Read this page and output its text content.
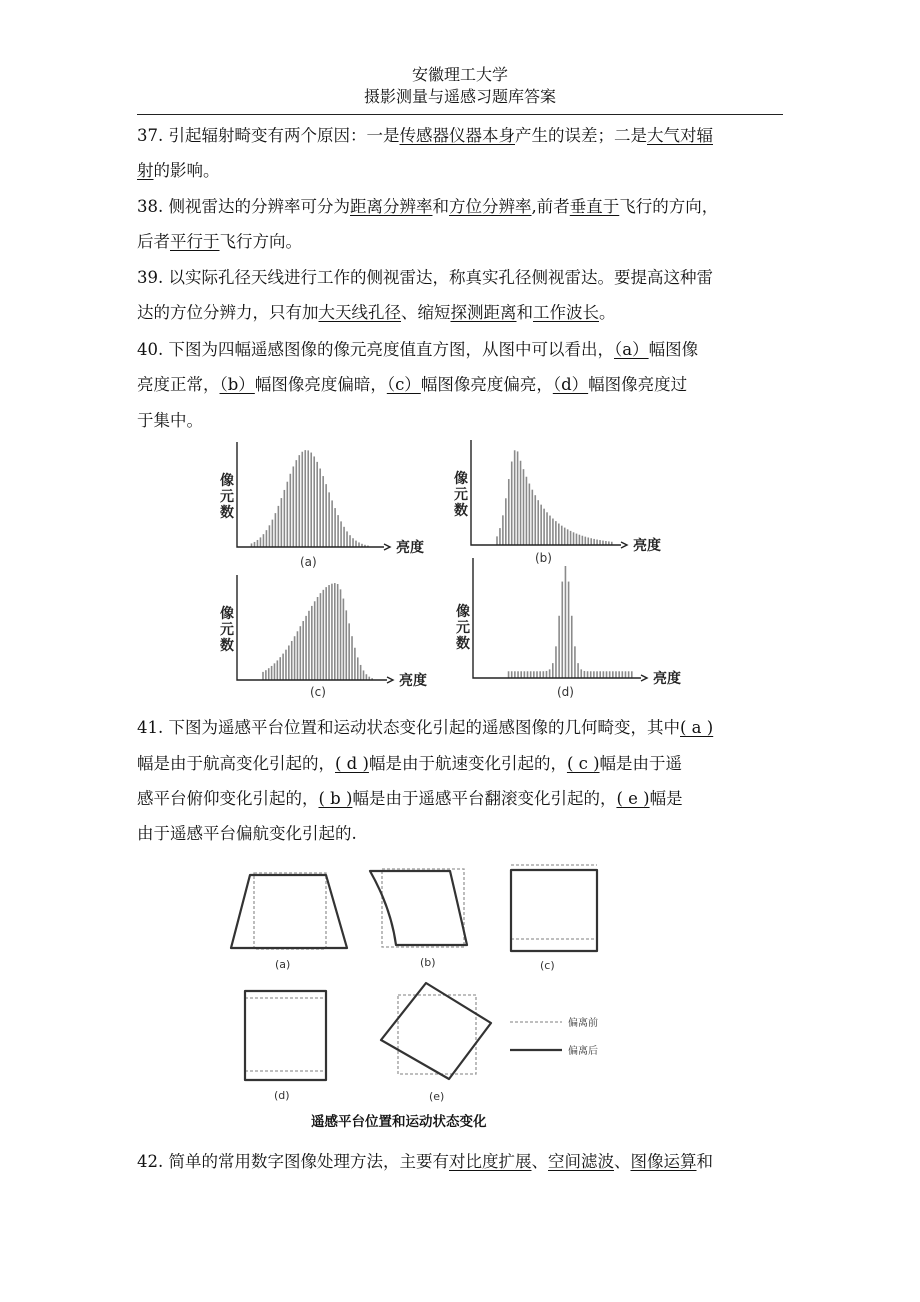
安徽理工大学
摄影测量与遥感习题库答案
37. 引起辐射畸变有两个原因：一是传感器仪器本身产生的误差；二是大气对辐
射的影响。
38. 侧视雷达的分辨率可分为距离分辨率和方位分辨率,前者垂直于飞行的方向，
后者平行于飞行方向。
39. 以实际孔径天线进行工作的侧视雷达，称真实孔径侧视雷达。要提高这种雷
达的方位分辨力，只有加大天线孔径、缩短探测距离和工作波长。
40. 下图为四幅遥感图像的像元亮度值直方图，从图中可以看出，（a）幅图像
亮度正常，（b）幅图像亮度偏暗，（c）幅图像亮度偏亮，（d）幅图像亮度过
于集中。
像
元
数
亮度
(a)
像
元
数
亮度
(b)
像
元
数
亮度
(c)
像
元
数
亮度
(d)
41. 下图为遥感平台位置和运动状态变化引起的遥感图像的几何畸变，其中( a )
幅是由于航高变化引起的，( d )幅是由于航速变化引起的，( c )幅是由于遥
感平台俯仰变化引起的，( b )幅是由于遥感平台翻滚变化引起的，( e )幅是
由于遥感平台偏航变化引起的.
(a)	(b)	(c)
(d)	(e)
偏离前
偏离后
遥感平台位置和运动状态变化
42. 简单的常用数字图像处理方法，主要有对比度扩展、空间滤波、图像运算和
